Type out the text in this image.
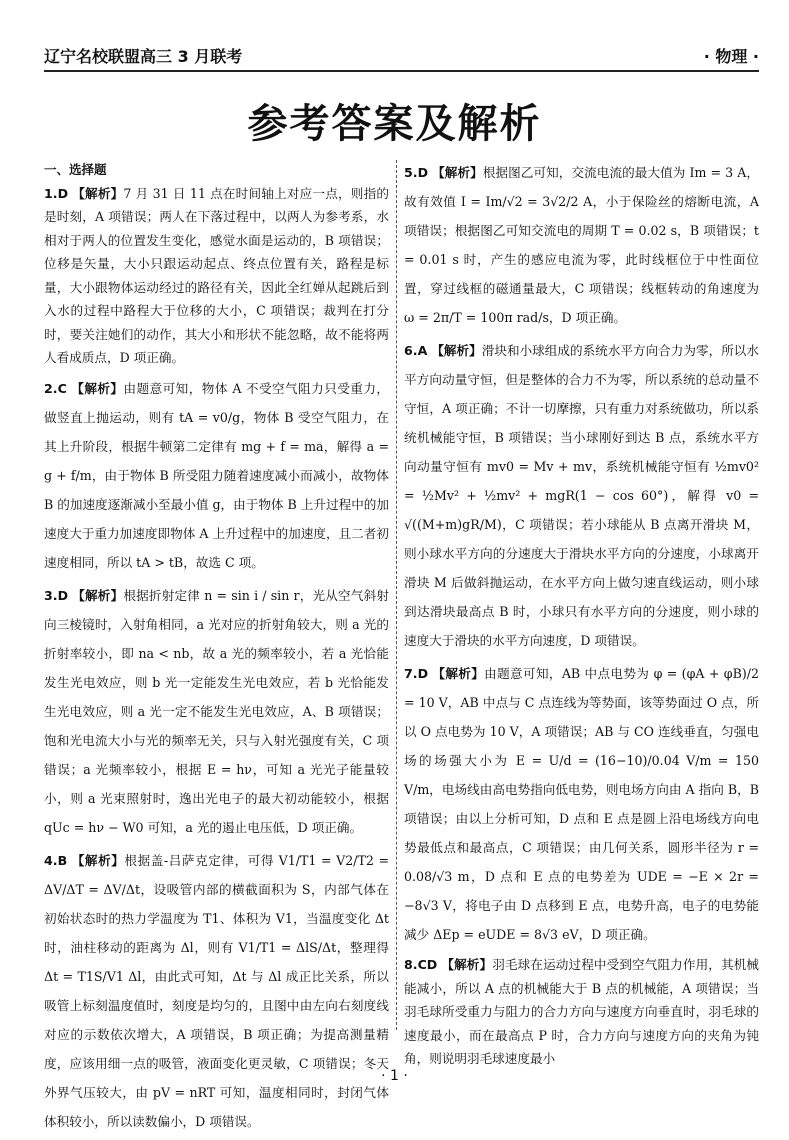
辽宁名校联盟高三 3 月联考	· 物理 ·
参考答案及解析

一、选择题

1.D 【解析】7 月 31 日 11 点在时间轴上对应一点，则指的是时刻，A 项错误；两人在下落过程中，以两人为参考系，水相对于两人的位置发生变化，感觉水面是运动的，B 项错误；位移是矢量，大小只跟运动起点、终点位置有关，路程是标量，大小跟物体运动经过的路径有关，因此全红婵从起跳后到入水的过程中路程大于位移的大小，C 项错误；裁判在打分时，要关注她们的动作，其大小和形状不能忽略，故不能将两人看成质点，D 项正确。

2.C 【解析】由题意可知，物体 A 不受空气阻力只受重力，做竖直上抛运动，则有 tA = v0/g，物体 B 受空气阻力，在其上升阶段，根据牛顿第二定律有 mg + f = ma，解得 a = g + f/m，由于物体 B 所受阻力随着速度减小而减小，故物体 B 的加速度逐渐减小至最小值 g，由于物体 B 上升过程中的加速度大于重力加速度即物体 A 上升过程中的加速度，且二者初速度相同，所以 tA > tB，故选 C 项。

3.D 【解析】根据折射定律 n = sin i / sin r，光从空气斜射向三棱镜时，入射角相同，a 光对应的折射角较大，则 a 光的折射率较小，即 na < nb，故 a 光的频率较小，若 a 光恰能发生光电效应，则 b 光一定能发生光电效应，若 b 光恰能发生光电效应，则 a 光一定不能发生光电效应，A、B 项错误；饱和光电流大小与光的频率无关，只与入射光强度有关，C 项错误；a 光频率较小，根据 E = hν，可知 a 光光子能量较小，则 a 光束照射时，逸出光电子的最大初动能较小，根据 qUc = hν − W0 可知，a 光的遏止电压低，D 项正确。

4.B 【解析】根据盖-吕萨克定律，可得 V1/T1 = V2/T2 = ΔV/ΔT = ΔV/Δt，设吸管内部的横截面积为 S，内部气体在初始状态时的热力学温度为 T1、体积为 V1，当温度变化 Δt 时，油柱移动的距离为 Δl，则有 V1/T1 = ΔlS/Δt，整理得 Δt = T1S/V1 Δl，由此式可知，Δt 与 Δl 成正比关系，所以吸管上标刻温度值时，刻度是均匀的，且图中由左向右刻度线对应的示数依次增大，A 项错误，B 项正确；为提高测量精度，应该用细一点的吸管，液面变化更灵敏，C 项错误；冬天外界气压较大，由 pV = nRT 可知，温度相同时，封闭气体体积较小，所以读数偏小，D 项错误。

5.D 【解析】根据图乙可知，交流电流的最大值为 Im = 3 A，故有效值 I = Im/√2 = 3√2/2 A，小于保险丝的熔断电流，A 项错误；根据图乙可知交流电的周期 T = 0.02 s，B 项错误；t = 0.01 s 时，产生的感应电流为零，此时线框位于中性面位置，穿过线框的磁通量最大，C 项错误；线框转动的角速度为 ω = 2π/T = 100π rad/s，D 项正确。

6.A 【解析】滑块和小球组成的系统水平方向合力为零，所以水平方向动量守恒，但是整体的合力不为零，所以系统的总动量不守恒，A 项正确；不计一切摩擦，只有重力对系统做功，所以系统机械能守恒，B 项错误；当小球刚好到达 B 点，系统水平方向动量守恒有 mv0 = Mv + mv，系统机械能守恒有 ½mv0² = ½Mv² + ½mv² + mgR(1 − cos 60°)，解得 v0 = √((M+m)gR/M)，C 项错误；若小球能从 B 点离开滑块 M，则小球水平方向的分速度大于滑块水平方向的分速度，小球离开滑块 M 后做斜抛运动，在水平方向上做匀速直线运动，则小球到达滑块最高点 B 时，小球只有水平方向的分速度，则小球的速度大于滑块的水平方向速度，D 项错误。

7.D 【解析】由题意可知，AB 中点电势为 φ = (φA + φB)/2 = 10 V，AB 中点与 C 点连线为等势面，该等势面过 O 点，所以 O 点电势为 10 V，A 项错误；AB 与 CO 连线垂直，匀强电场的场强大小为 E = U/d = (16−10)/0.04 V/m = 150 V/m，电场线由高电势指向低电势，则电场方向由 A 指向 B，B 项错误；由以上分析可知，D 点和 E 点是圆上沿电场线方向电势最低点和最高点，C 项错误；由几何关系，圆形半径为 r = 0.08/√3 m，D 点和 E 点的电势差为 UDE = −E × 2r = −8√3 V，将电子由 D 点移到 E 点，电势升高，电子的电势能减少 ΔEp = eUDE = 8√3 eV，D 项正确。

8.CD 【解析】羽毛球在运动过程中受到空气阻力作用，其机械能减小，所以 A 点的机械能大于 B 点的机械能，A 项错误；当羽毛球所受重力与阻力的合力方向与速度方向垂直时，羽毛球的速度最小，而在最高点 P 时，合力方向与速度方向的夹角为钝角，则说明羽毛球速度最小

· 1 ·
